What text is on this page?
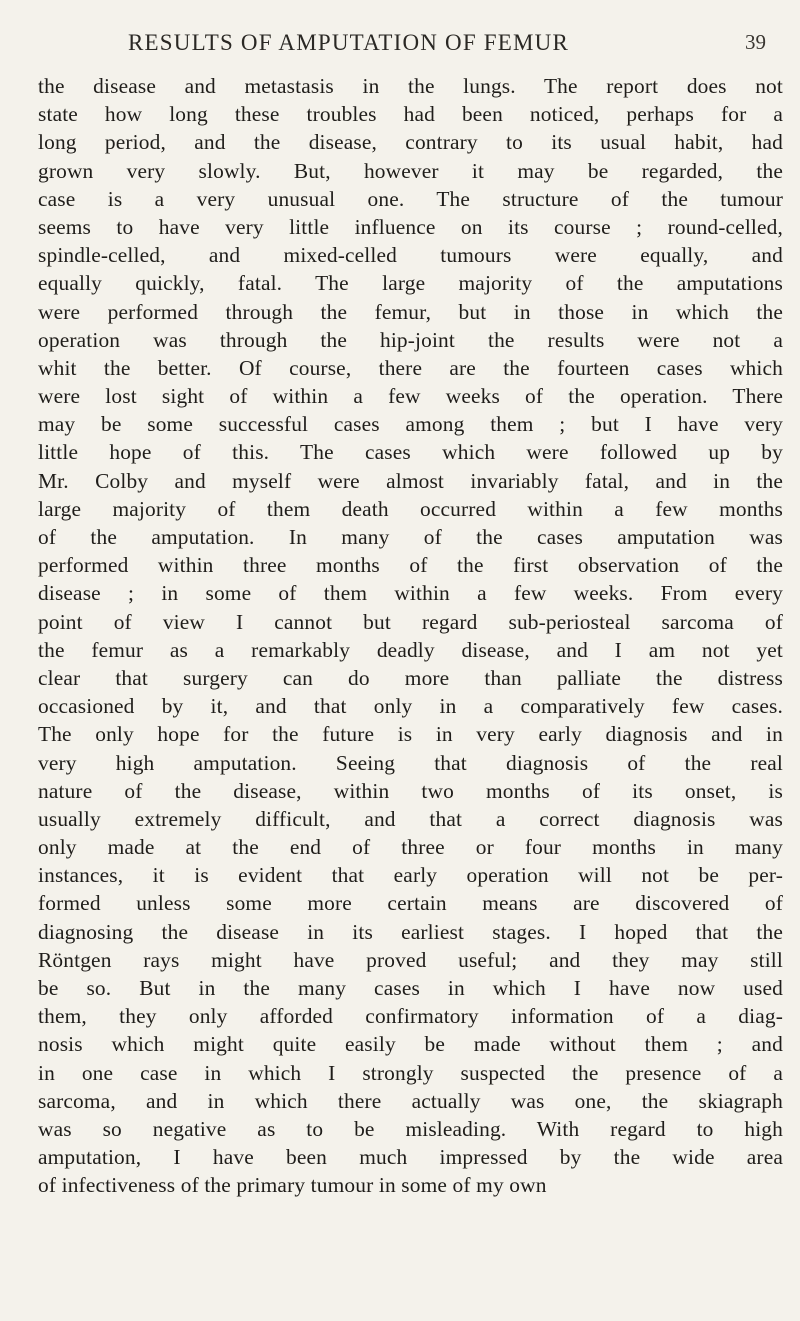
RESULTS OF AMPUTATION OF FEMUR	39
the disease and metastasis in the lungs. The report does not
state how long these troubles had been noticed, perhaps for a
long period, and the disease, contrary to its usual habit, had
grown very slowly. But, however it may be regarded, the
case is a very unusual one. The structure of the tumour
seems to have very little influence on its course ; round-celled,
spindle-celled, and mixed-celled tumours were equally, and
equally quickly, fatal. The large majority of the amputations
were performed through the femur, but in those in which the
operation was through the hip-joint the results were not a
whit the better. Of course, there are the fourteen cases which
were lost sight of within a few weeks of the operation. There
may be some successful cases among them ; but I have very
little hope of this. The cases which were followed up by
Mr. Colby and myself were almost invariably fatal, and in the
large majority of them death occurred within a few months
of the amputation. In many of the cases amputation was
performed within three months of the first observation of the
disease ; in some of them within a few weeks. From every
point of view I cannot but regard sub-periosteal sarcoma of
the femur as a remarkably deadly disease, and I am not yet
clear that surgery can do more than palliate the distress
occasioned by it, and that only in a comparatively few cases.
The only hope for the future is in very early diagnosis and in
very high amputation. Seeing that diagnosis of the real
nature of the disease, within two months of its onset, is
usually extremely difficult, and that a correct diagnosis was
only made at the end of three or four months in many
instances, it is evident that early operation will not be per-
formed unless some more certain means are discovered of
diagnosing the disease in its earliest stages. I hoped that the
Röntgen rays might have proved useful; and they may still
be so. But in the many cases in which I have now used
them, they only afforded confirmatory information of a diag-
nosis which might quite easily be made without them ; and
in one case in which I strongly suspected the presence of a
sarcoma, and in which there actually was one, the skiagraph
was so negative as to be misleading. With regard to high
amputation, I have been much impressed by the wide area
of infectiveness of the primary tumour in some of my own
